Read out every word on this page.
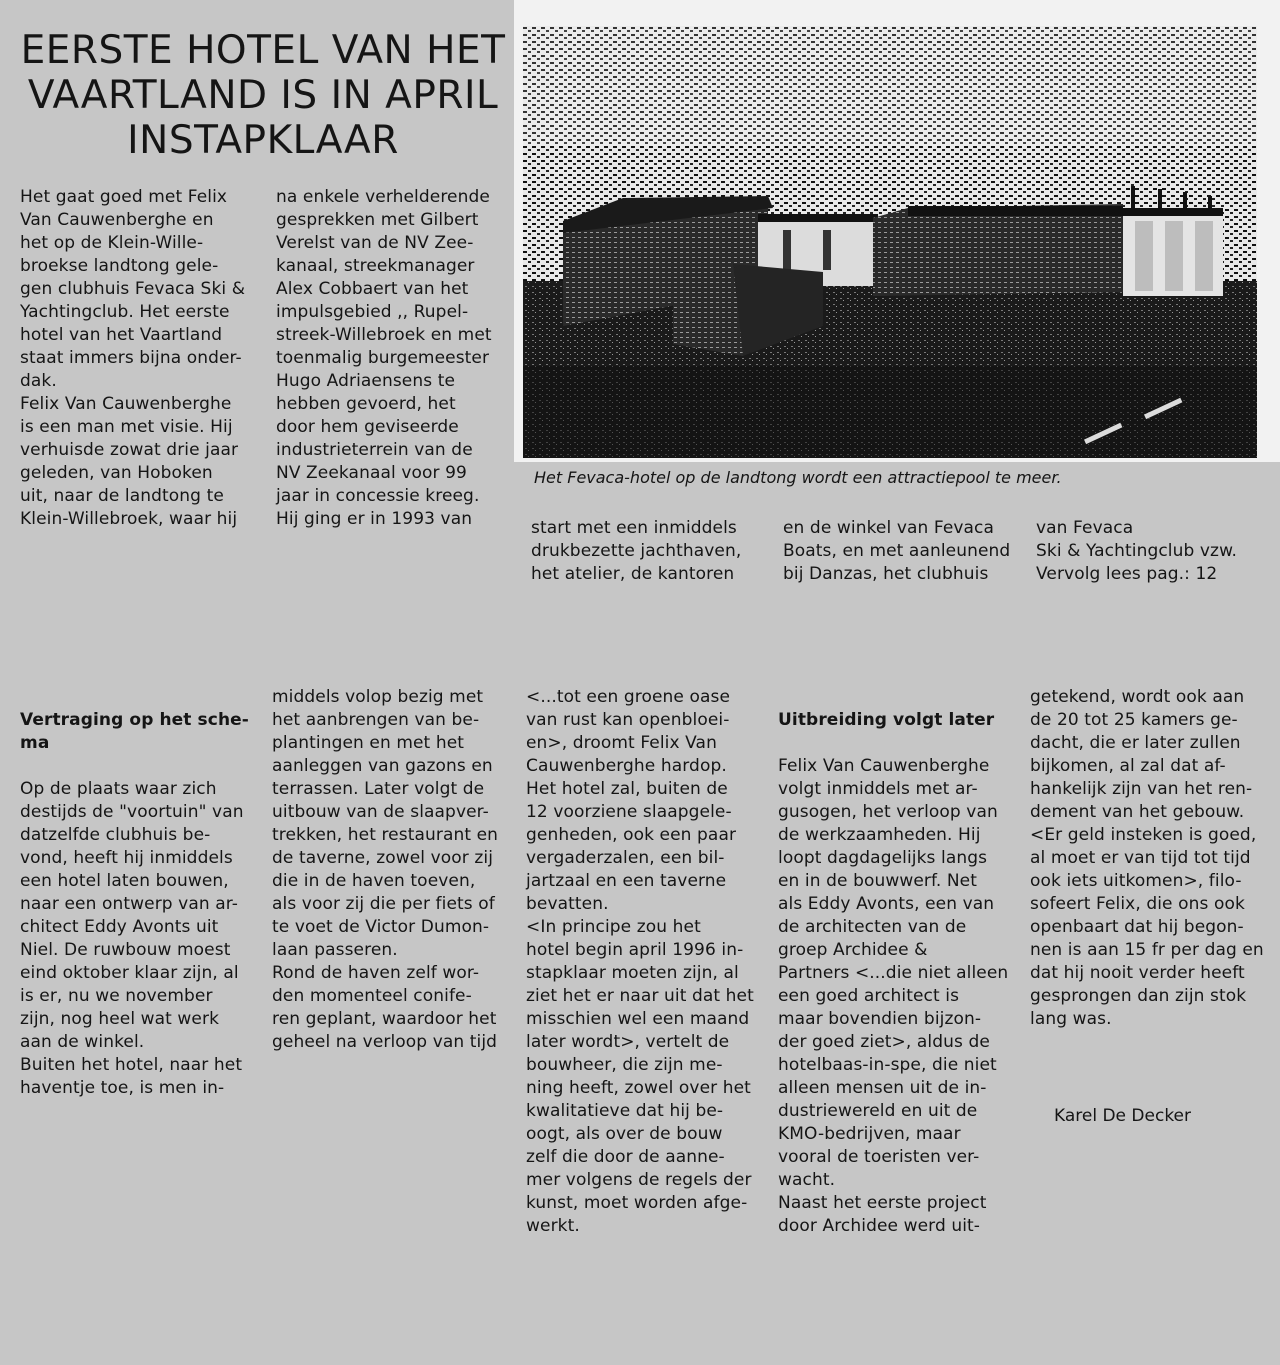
EERSTE HOTEL VAN HET
VAARTLAND IS IN APRIL
INSTAPKLAAR
Het gaat goed met Felix
Van Cauwenberghe en
het op de Klein-Wille-
broekse landtong gele-
gen clubhuis Fevaca Ski &
Yachtingclub. Het eerste
hotel van het Vaartland
staat immers bijna onder-
dak.
Felix Van Cauwenberghe
is een man met visie. Hij
verhuisde zowat drie jaar
geleden, van Hoboken
uit, naar de landtong te
Klein-Willebroek, waar hij
na enkele verhelderende
gesprekken met Gilbert
Verelst van de NV Zee-
kanaal, streekmanager
Alex Cobbaert van het
impulsgebied ,, Rupel-
streek-Willebroek en met
toenmalig burgemeester
Hugo Adriaensens te
hebben gevoerd, het
door hem geviseerde
industrieterrein van de
NV Zeekanaal voor 99
jaar in concessie kreeg.
Hij ging er in 1993 van	start met een inmiddels
drukbezette jachthaven,
het atelier, de kantoren
en de winkel van Fevaca
Boats, en met aanleunend
bij Danzas, het clubhuis
van Fevaca
Ski & Yachtingclub vzw.
Vervolg lees pag.: 12
Het Fevaca-hotel op de landtong wordt een attractiepool te meer.

Vertraging op het sche-
ma

Op de plaats waar zich
destijds de "voortuin" van
datzelfde clubhuis be-
vond, heeft hij inmiddels
een hotel laten bouwen,
naar een ontwerp van ar-
chitect Eddy Avonts uit
Niel. De ruwbouw moest
eind oktober klaar zijn, al
is er, nu we november
zijn, nog heel wat werk
aan de winkel.
Buiten het hotel, naar het
haventje toe, is men in-

middels volop bezig met
het aanbrengen van be-
plantingen en met het
aanleggen van gazons en
terrassen. Later volgt de
uitbouw van de slaapver-
trekken, het restaurant en
de taverne, zowel voor zij
die in de haven toeven,
als voor zij die per fiets of
te voet de Victor Dumon-
laan passeren.
Rond de haven zelf wor-
den momenteel conife-
ren geplant, waardoor het
geheel na verloop van tijd
<...tot een groene oase
van rust kan openbloei-
en>, droomt Felix Van
Cauwenberghe hardop.
Het hotel zal, buiten de
12 voorziene slaapgele-
genheden, ook een paar
vergaderzalen, een bil-
jartzaal en een taverne
bevatten.
<In principe zou het
hotel begin april 1996 in-
stapklaar moeten zijn, al
ziet het er naar uit dat het
misschien wel een maand
later wordt>, vertelt de
bouwheer, die zijn me-
ning heeft, zowel over het
kwalitatieve dat hij be-
oogt, als over de bouw
zelf die door de aanne-
mer volgens de regels der
kunst, moet worden afge-
werkt.

Uitbreiding volgt later

Felix Van Cauwenberghe
volgt inmiddels met ar-
gusogen, het verloop van
de werkzaamheden. Hij
loopt dagdagelijks langs
en in de bouwwerf. Net
als Eddy Avonts, een van
de architecten van de
groep Archidee &
Partners <...die niet alleen
een goed architect is
maar bovendien bijzon-
der goed ziet>, aldus de
hotelbaas-in-spe, die niet
alleen mensen uit de in-
dustriewereld en uit de
KMO-bedrijven, maar
vooral de toeristen ver-
wacht.
Naast het eerste project
door Archidee werd uit-

getekend, wordt ook aan
de 20 tot 25 kamers ge-
dacht, die er later zullen
bijkomen, al zal dat af-
hankelijk zijn van het ren-
dement van het gebouw.
<Er geld insteken is goed,
al moet er van tijd tot tijd
ook iets uitkomen>, filo-
sofeert Felix, die ons ook
openbaart dat hij begon-
nen is aan 15 fr per dag en
dat hij nooit verder heeft
gesprongen dan zijn stok
lang was.
Karel De Decker
